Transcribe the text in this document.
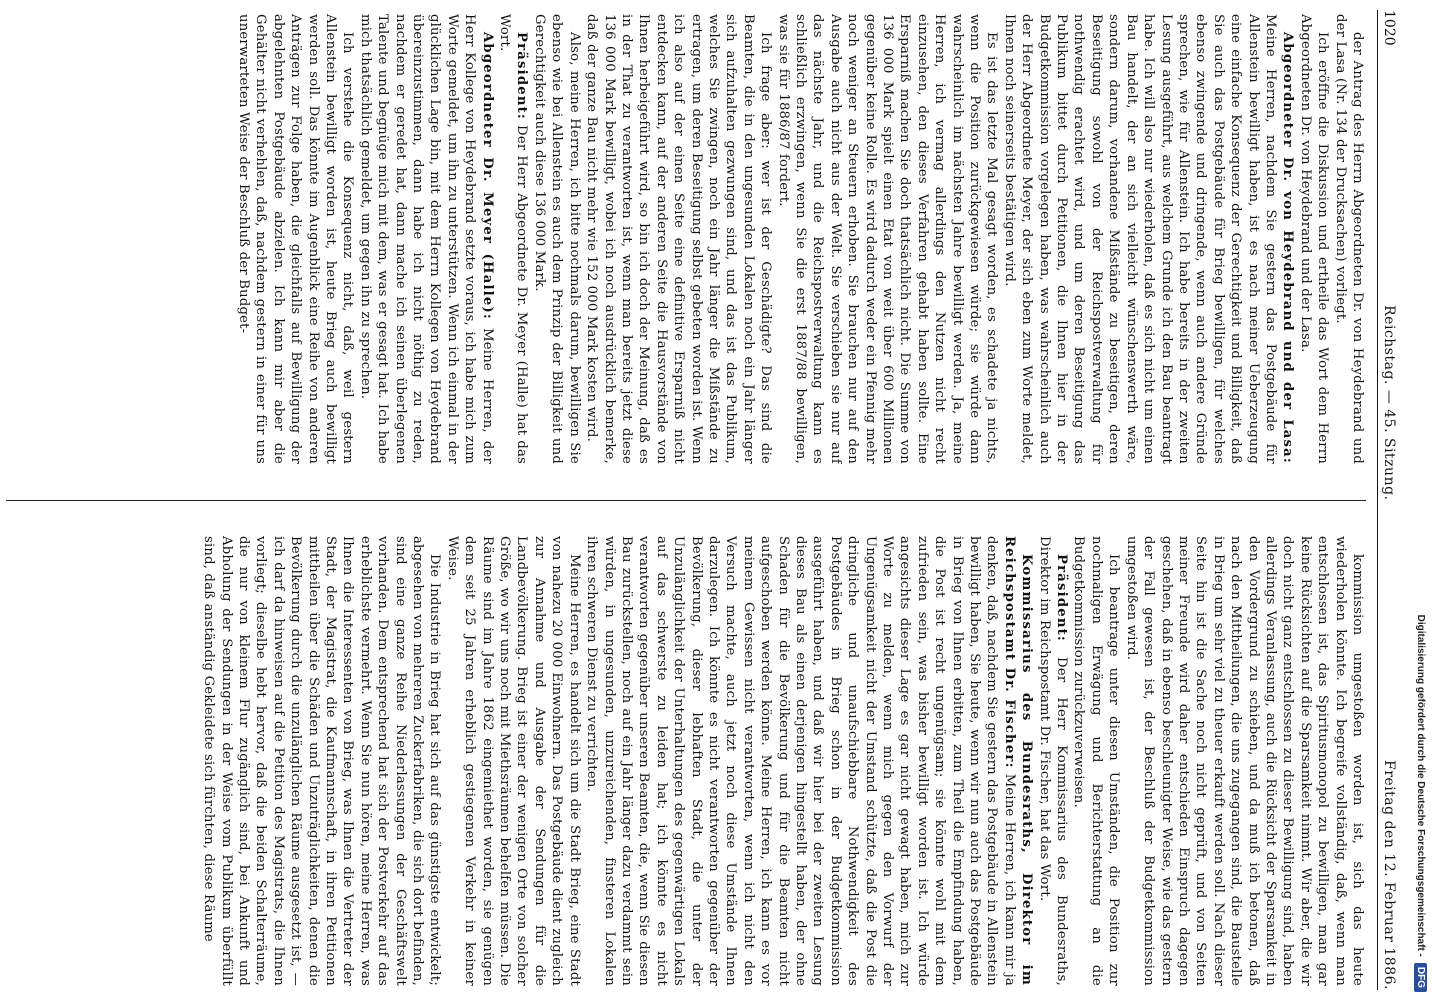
1020
Reichstag. — 45. Sitzung.
Freitag den 12. Februar 1886.

der Antrag des Herrn Abgeordneten Dr. von Heydebrand und der Lasa (Nr. 134 der Drucksachen) vorliegt.

Ich eröffne die Diskussion und ertheile das Wort dem Herrn Abgeordneten Dr. von Heydebrand und der Lasa.

Abgeordneter Dr. von Heydebrand und der Lasa: Meine Herren, nachdem Sie gestern das Postgebäude für Allenstein bewilligt haben, ist es nach meiner Ueberzeugung eine einfache Konsequenz der Gerechtigkeit und Billigkeit, daß Sie auch das Postgebäude für Brieg bewilligen, für welches ebenso zwingende und dringende, wenn auch andere Gründe sprechen, wie für Allenstein. Ich habe bereits in der zweiten Lesung ausgeführt, aus welchem Grunde ich den Bau beantragt habe. Ich will also nur wiederholen, daß es sich nicht um einen Bau handelt, der an sich vielleicht wünschenswerth wäre, sondern darum, vorhandene Mißstände zu beseitigen, deren Beseitigung sowohl von der Reichspostverwaltung für nothwendig erachtet wird, und um deren Beseitigung das Publikum bittet durch Petitionen, die Ihnen hier in der Budgetkommission vorgelegen haben, was wahrscheinlich auch der Herr Abgeordnete Meyer, der sich eben zum Worte meldet, Ihnen noch seinerseits bestätigen wird.

Es ist das letzte Mal gesagt worden, es schadete ja nichts, wenn die Position zurückgewiesen würde; sie würde dann wahrscheinlich im nächsten Jahre bewilligt werden. Ja, meine Herren, ich vermag allerdings den Nutzen nicht recht einzusehen, den dieses Verfahren gehabt haben sollte. Eine Ersparniß machen Sie doch thatsächlich nicht. Die Summe von 136 000 Mark spielt einen Etat von weit über 600 Millionen gegenüber keine Rolle. Es wird dadurch weder ein Pfennig mehr noch weniger an Steuern erhoben. Sie brauchen nur auf den Ausgabe auch nicht aus der Welt. Sie verschieben sie nur auf das nächste Jahr, und die Reichspostverwaltung kann es schließlich erzwingen, wenn Sie die erst 1887/88 bewilligen, was sie für 1886/87 fordert.

Ich frage aber: wer ist der Geschädigte? Das sind die Beamten, die in den ungesunden Lokalen noch ein Jahr länger sich aufzuhalten gezwungen sind, und das ist das Publikum, welches Sie zwingen, noch ein Jahr länger die Mißstände zu ertragen, um deren Beseitigung selbst gebeten worden ist. Wenn ich also auf der einen Seite eine definitive Ersparniß nicht entdecken kann, auf der anderen Seite die Hausvorstände von Ihnen herbeigeführt wird, so bin ich doch der Meinung, daß es in der That zu verantworten ist, wenn man bereits jetzt diese 136 000 Mark bewilligt, wobei ich noch ausdrücklich bemerke, daß der ganze Bau nicht mehr wie 152 000 Mark kosten wird.

Also, meine Herren, ich bitte nochmals darum, bewilligen Sie ebenso wie bei Allenstein es auch dem Prinzip der Billigkeit und Gerechtigkeit auch diese 136 000 Mark.

Präsident: Der Herr Abgeordnete Dr. Meyer (Halle) hat das Wort.

Abgeordneter Dr. Meyer (Halle): Meine Herren, der Herr Kollege von Heydebrand setzte voraus, ich habe mich zum Worte gemeldet, um ihn zu unterstützen. Wenn ich einmal in der glücklichen Lage bin, mit dem Herrn Kollegen von Heydebrand übereinzustimmen, dann habe ich nicht nöthig zu reden, nachdem er geredet hat, dann mache ich seinen überlegenen Talente und begnüge mich mit dem, was er gesagt hat. Ich habe mich thatsächlich gemeldet, um gegen ihn zu sprechen.

Ich verstehe die Konsequenz nicht, daß, weil gestern Allenstein bewilligt worden ist, heute Brieg auch bewilligt werden soll. Das könnte im Augenblick eine Reihe von anderen Anträgen zur Folge haben, die gleichfalls auf Bewilligung der abgelehnten Postgebäude abzielen. Ich kann mir aber die Gehälter nicht verhehlen, daß, nachdem gestern in einer für uns unerwarteten Weise der Beschluß der Budget-

kommission umgestoßen worden ist, sich das heute wiederholen könnte. Ich begreife vollständig, daß, wenn man entschlossen ist, das Spiritusmonopol zu bewilligen, man gar keine Rücksichten auf die Sparsamkeit nimmt. Wir aber, die wir doch nicht ganz entschlossen zu dieser Bewilligung sind, haben allerdings Veranlassung, auch die Rücksicht der Sparsamkeit in den Vordergrund zu schieben, und da muß ich betonen, daß nach den Mittheilungen, die uns zugegangen sind, die Baustelle in Brieg um sehr viel zu theuer erkauft werden soll. Nach dieser Seite hin ist die Sache noch nicht geprüft, und von Seiten meiner Freunde wird daher entschieden Einspruch dagegen geschehen, daß in ebenso beschleunigter Weise, wie das gestern der Fall gewesen ist, der Beschluß der Budgetkommission umgestoßen wird.

Ich beantrage unter diesen Umständen, die Position zur nochmaligen Erwägung und Berichterstattung an die Budgetkommission zurückzuverweisen.

Präsident: Der Herr Kommissarius des Bundesraths, Direktor im Reichspostamt Dr. Fischer, hat das Wort.

Kommissarius des Bundesraths, Direktor im Reichspostamt Dr. Fischer: Meine Herren, ich kann mir ja denken, daß, nachdem Sie gestern das Postgebäude in Allenstein bewilligt haben, Sie heute, wenn wir nun auch das Postgebäude in Brieg von Ihnen erbitten, zum Theil die Empfindung haben, die Post ist recht ungenügsam; sie könnte wohl mit dem zufrieden sein, was bisher bewilligt worden ist. Ich würde angesichts dieser Lage es gar nicht gewagt haben, mich zur Worte zu melden, wenn mich gegen den Vorwurf der Ungenügsamkeit nicht der Umstand schützte, daß die Post die dringliche und unaufschiebbare Nothwendigkeit des Postgebäudes in Brieg schon in der Budgetkommission ausgeführt haben, und daß wir hier bei der zweiten Lesung dieses Bau als einen derjenigen hingestellt haben, der ohne Schaden für die Bevölkerung und für die Beamten nicht aufgeschoben werden könne. Meine Herren, ich kann es vor meinem Gewissen nicht verantworten, wenn ich nicht den Versuch machte, auch jetzt noch diese Umstände Ihnen darzulegen. Ich könnte es nicht verantworten gegenüber der Bevölkerung, dieser lebhaften Stadt, die unter der Unzulänglichkeit der Unterhaltungen des gegenwärtigen Lokals auf das schwerste zu leiden hat; ich könnte es nicht verantworten gegenüber unseren Beamten, die, wenn Sie diesen Bau zurückstellen, noch auf ein Jahr länger dazu verdammt sein würden, in ungesunden, unzureichenden, finsteren Lokalen ihren schweren Dienst zu verrichten.

Meine Herren, es handelt sich um die Stadt Brieg, eine Stadt von nahezu 20 000 Einwohnern. Das Postgebäude dient zugleich zur Annahme und Ausgabe der Sendungen für die Landbevölkerung. Brieg ist einer der wenigen Orte von solcher Größe, wo wir uns noch mit Miethsräumen behelfen müssen. Die Räume sind im Jahre 1862 eingemiethet worden, sie genügen dem seit 25 Jahren erheblich gestiegenen Verkehr in keiner Weise.

Die Industrie in Brieg hat sich auf das günstigste entwickelt; abgesehen von mehreren Zuckerfabriken, die sich dort befinden, sind eine ganze Reihe Niederlassungen der Geschäftswelt vorhanden. Dem entsprechend hat sich der Postverkehr auf das erheblichste vermehrt. Wenn Sie nun hören, meine Herren, was Ihnen die Interessenten von Brieg, was Ihnen die Vertreter der Stadt, der Magistrat, die Kaufmannschaft, in ihren Petitionen mittheilen über die Schäden und Unzuträglichkeiten, denen die Bevölkerung durch die unzulänglichen Räume ausgesetzt ist, — ich darf da hinweisen auf die Petition des Magistrats, die Ihnen vorliegt; dieselbe hebt hervor, daß die beiden Schalterräume, die nur von kleinem Flur zugänglich sind, bei Ankunft und Abholung der Sendungen in der Weise vom Publikum überfüllt sind, daß anständig Gekleidete sich fürchten, diese Räume	Digitalisierung gefördert durch die Deutsche Forschungsgemeinschaft -
DFG
